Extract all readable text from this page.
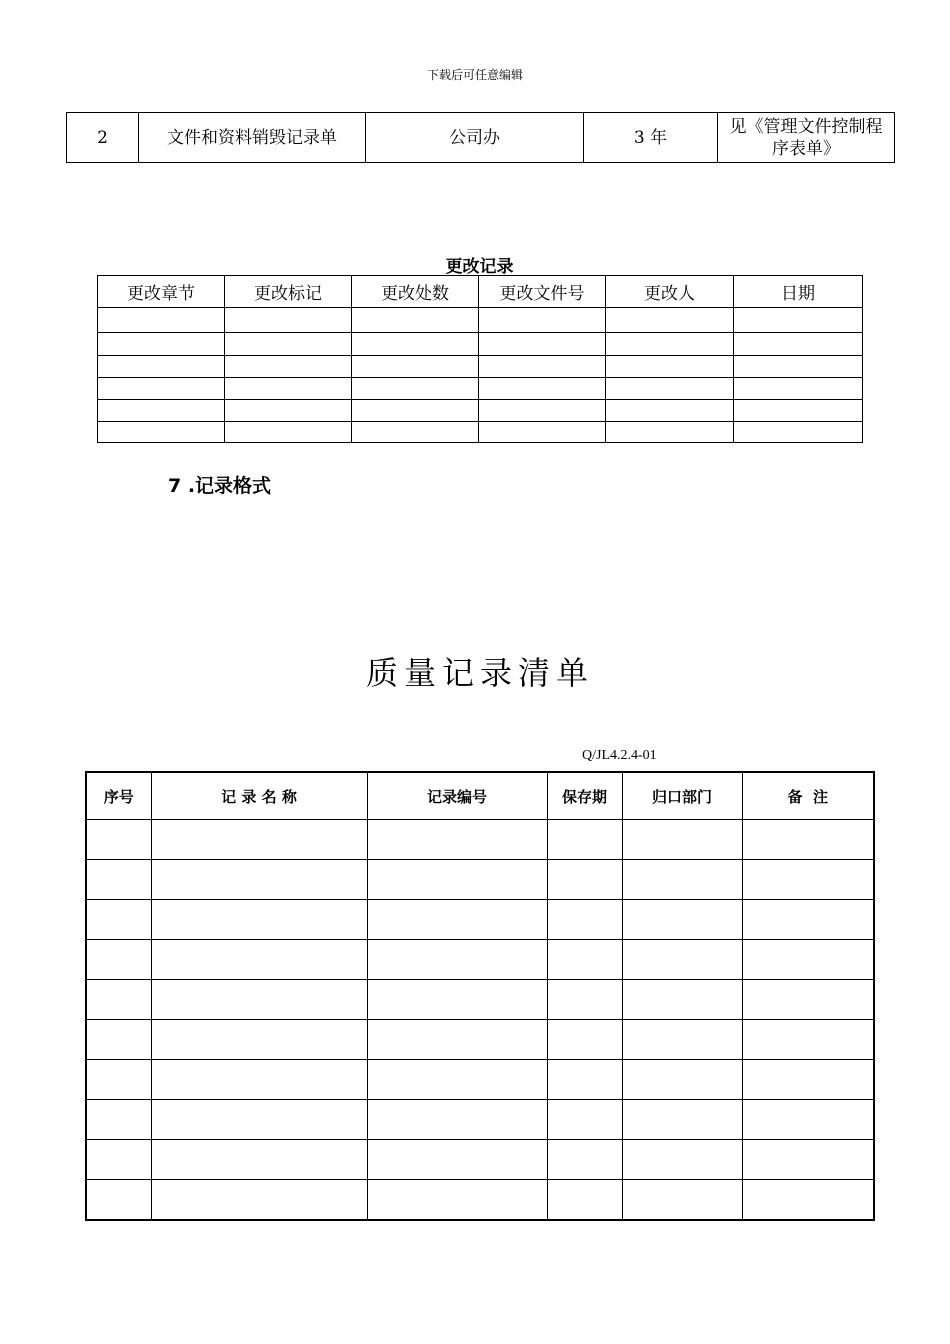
下载后可任意编辑
2	文件和资料销毁记录单	公司办	3 年	见《管理文件控制程序表单》
更改记录
更改章节	更改标记	更改处数	更改文件号	更改人	日期

7 .记录格式
质量记录清单
Q/JL4.2.4-01
序号	记 录 名 称	记录编号	保存期	归口部门	备  注
